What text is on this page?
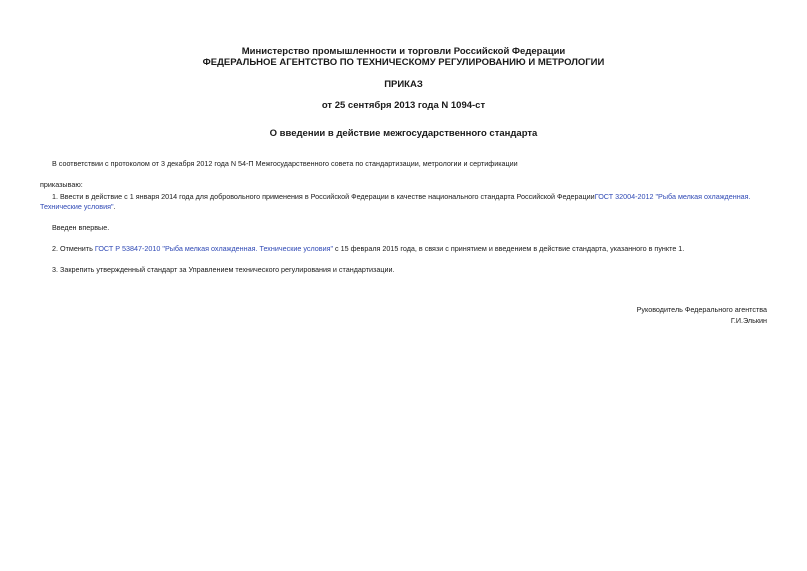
Министерство промышленности и торговли Российской Федерации
ФЕДЕРАЛЬНОЕ АГЕНТСТВО ПО ТЕХНИЧЕСКОМУ РЕГУЛИРОВАНИЮ И МЕТРОЛОГИИ
ПРИКАЗ
от 25 сентября 2013 года N 1094-ст
О введении в действие межгосударственного стандарта
В соответствии с протоколом от 3 декабря 2012 года N 54-П Межгосударственного совета по стандартизации, метрологии и сертификации
приказываю:
1. Ввести в действие с 1 января 2014 года для добровольного применения в Российской Федерации в качестве национального стандарта Российской ФедерацииГОСТ 32004-2012 "Рыба мелкая охлажденная.
Технические условия".
Введен впервые.
2. Отменить ГОСТ Р 53847-2010 "Рыба мелкая охлажденная. Технические условия" с 15 февраля 2015 года, в связи с принятием и введением в действие стандарта, указанного в пункте 1.
3. Закрепить утвержденный стандарт за Управлением технического регулирования и стандартизации.
Руководитель Федерального агентства
Г.И.Элькин
